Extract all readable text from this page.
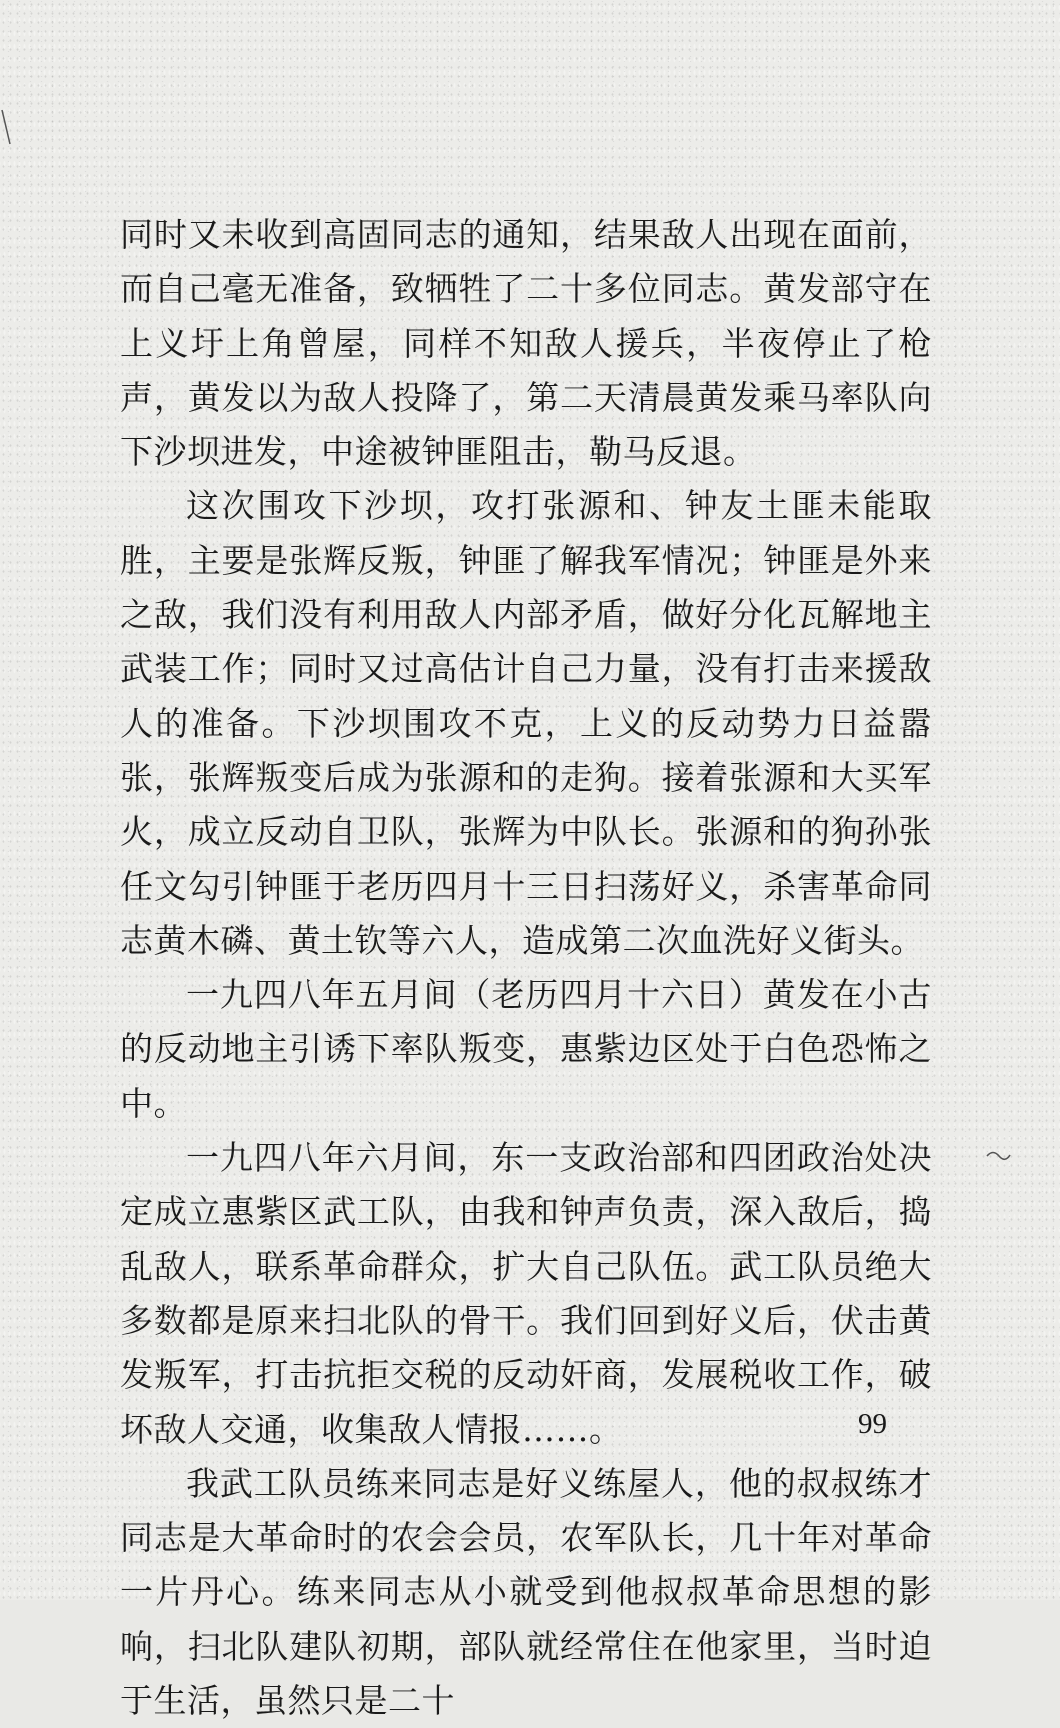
同时又未收到高固同志的通知，结果敌人出现在面前，而自己毫无准备，致牺牲了二十多位同志。黄发部守在上义圩上角曾屋，同样不知敌人援兵，半夜停止了枪声，黄发以为敌人投降了，第二天清晨黄发乘马率队向下沙坝进发，中途被钟匪阻击，勒马反退。

这次围攻下沙坝，攻打张源和、钟友土匪未能取胜，主要是张辉反叛，钟匪了解我军情况；钟匪是外来之敌，我们没有利用敌人内部矛盾，做好分化瓦解地主武装工作；同时又过高估计自己力量，没有打击来援敌人的准备。下沙坝围攻不克，上义的反动势力日益嚣张，张辉叛变后成为张源和的走狗。接着张源和大买军火，成立反动自卫队，张辉为中队长。张源和的狗孙张任文勾引钟匪于老历四月十三日扫荡好义，杀害革命同志黄木磷、黄土钦等六人，造成第二次血洗好义街头。

一九四八年五月间（老历四月十六日）黄发在小古的反动地主引诱下率队叛变，惠紫边区处于白色恐怖之中。

一九四八年六月间，东一支政治部和四团政治处决定成立惠紫区武工队，由我和钟声负责，深入敌后，捣乱敌人，联系革命群众，扩大自己队伍。武工队员绝大多数都是原来扫北队的骨干。我们回到好义后，伏击黄发叛军，打击抗拒交税的反动奸商，发展税收工作，破坏敌人交通，收集敌人情报……。

我武工队员练来同志是好义练屋人，他的叔叔练才同志是大革命时的农会会员，农军队长，几十年对革命一片丹心。练来同志从小就受到他叔叔革命思想的影响，扫北队建队初期，部队就经常住在他家里，当时迫于生活，虽然只是二十

99
